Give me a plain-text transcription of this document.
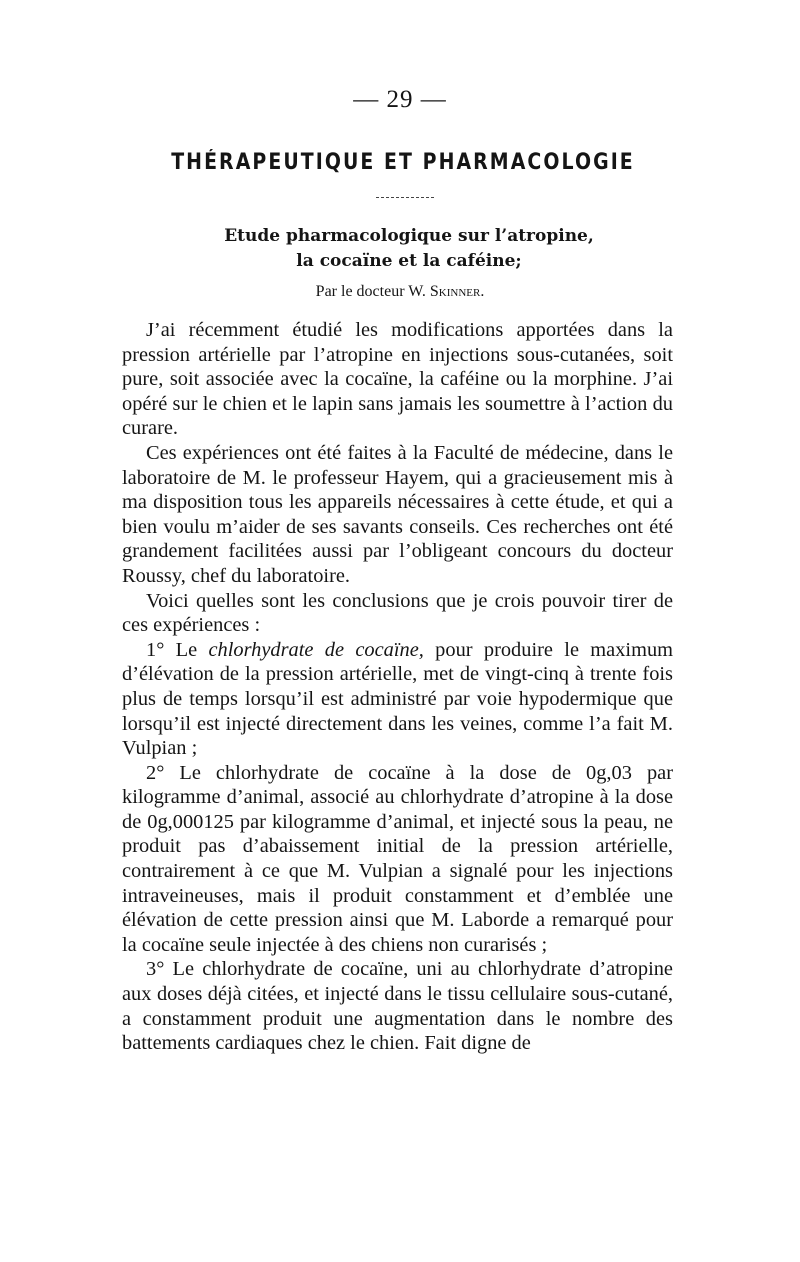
— 29 —
THÉRAPEUTIQUE ET PHARMACOLOGIE
Etude pharmacologique sur l’atropine,
la cocaïne et la caféine;
Par le docteur W. Skinner.

J’ai récemment étudié les modifications apportées dans la pression artérielle par l’atropine en injections sous-cutanées, soit pure, soit associée avec la cocaïne, la caféine ou la morphine. J’ai opéré sur le chien et le lapin sans jamais les soumettre à l’action du curare.

Ces expériences ont été faites à la Faculté de médecine, dans le laboratoire de M. le professeur Hayem, qui a gracieusement mis à ma disposition tous les appareils nécessaires à cette étude, et qui a bien voulu m’aider de ses savants conseils. Ces recherches ont été grandement facilitées aussi par l’obligeant concours du docteur Roussy, chef du laboratoire.

Voici quelles sont les conclusions que je crois pouvoir tirer de ces expériences :

1° Le chlorhydrate de cocaïne, pour produire le maximum d’élévation de la pression artérielle, met de vingt-cinq à trente fois plus de temps lorsqu’il est administré par voie hypodermique que lorsqu’il est injecté directement dans les veines, comme l’a fait M. Vulpian ;

2° Le chlorhydrate de cocaïne à la dose de 0g,03 par kilogramme d’animal, associé au chlorhydrate d’atropine à la dose de 0g,000125 par kilogramme d’animal, et injecté sous la peau, ne produit pas d’abaissement initial de la pression artérielle, contrairement à ce que M. Vulpian a signalé pour les injections intraveineuses, mais il produit constamment et d’emblée une élévation de cette pression ainsi que M. Laborde a remarqué pour la cocaïne seule injectée à des chiens non curarisés ;

3° Le chlorhydrate de cocaïne, uni au chlorhydrate d’atropine aux doses déjà citées, et injecté dans le tissu cellulaire sous-cutané, a constamment produit une augmentation dans le nombre des battements cardiaques chez le chien. Fait digne de
